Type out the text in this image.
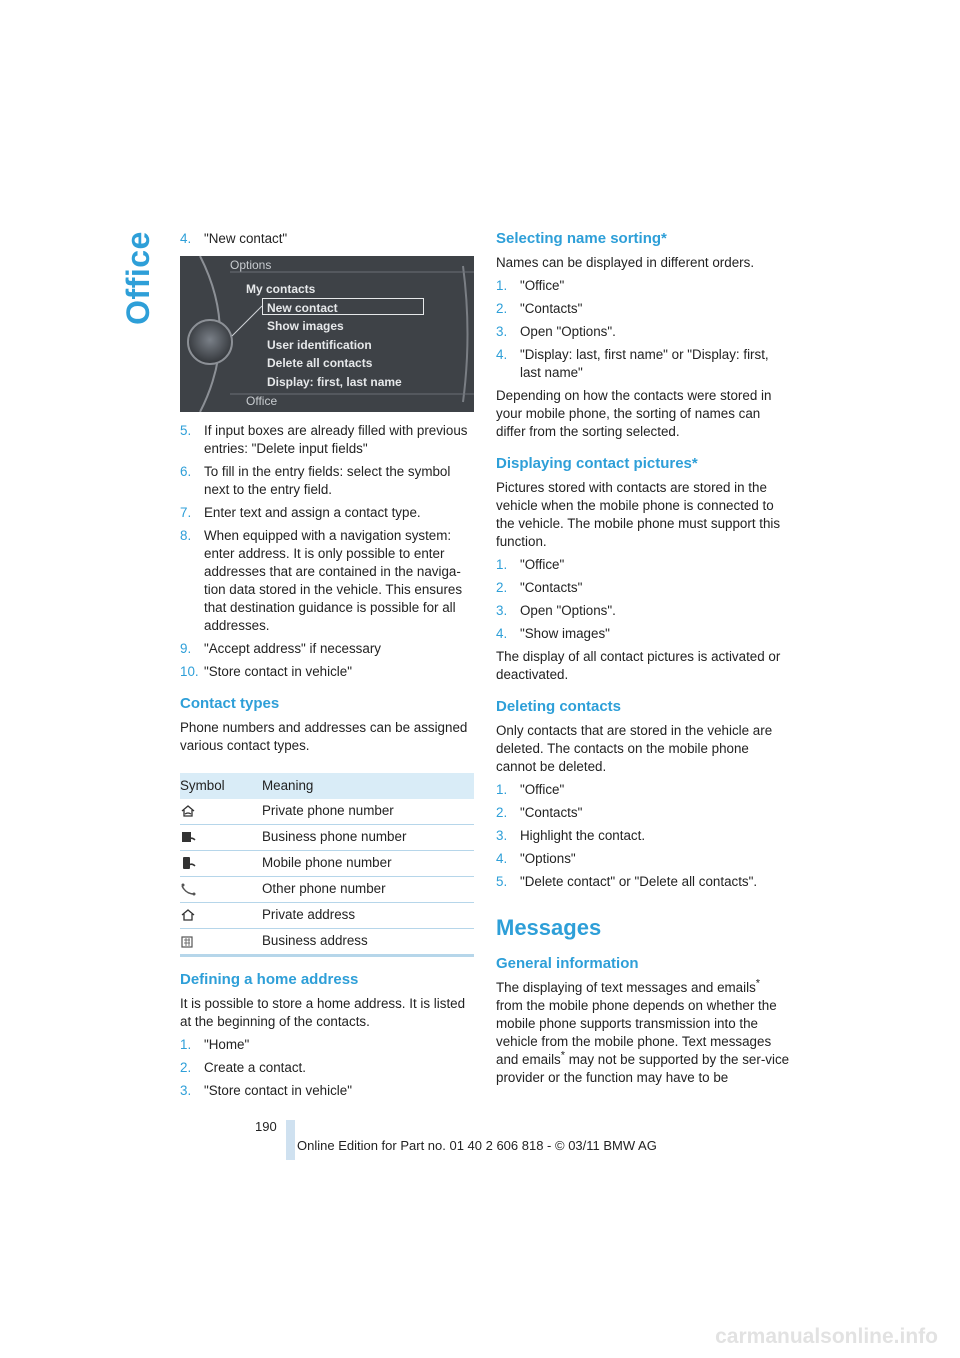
Office 4. "New contact"
Options
My contacts
New contact
Show images
User identification
Delete all contacts
Display: first, last name
Office
5. If input boxes are already filled with previous entries: "Delete input fields"
6. To fill in the entry fields: select the symbol next to the entry field.
7. Enter text and assign a contact type.
8. When equipped with a navigation system: enter address. It is only possible to enter addresses that are contained in the naviga-tion data stored in the vehicle. This ensures that destination guidance is possible for all addresses.
9. "Accept address" if necessary
10. "Store contact in vehicle"
Contact types

Phone numbers and addresses can be assigned various contact types.

Symbol	Meaning
	Private phone number
	Business phone number
	Mobile phone number
	Other phone number
	Private address
	Business address
Defining a home address

It is possible to store a home address. It is listed at the beginning of the contacts.

1. "Home"
2. Create a contact.
3. "Store contact in vehicle"
Selecting name sorting*

Names can be displayed in different orders.

1. "Office"
2. "Contacts"
3. Open "Options".
4. "Display: last, first name" or "Display: first, last name"

Depending on how the contacts were stored in your mobile phone, the sorting of names can differ from the sorting selected.

Displaying contact pictures*

Pictures stored with contacts are stored in the vehicle when the mobile phone is connected to the vehicle. The mobile phone must support this function.

1. "Office"
2. "Contacts"
3. Open "Options".
4. "Show images"

The display of all contact pictures is activated or deactivated.

Deleting contacts

Only contacts that are stored in the vehicle are deleted. The contacts on the mobile phone cannot be deleted.

1. "Office"
2. "Contacts"
3. Highlight the contact.
4. "Options"
5. "Delete contact" or "Delete all contacts".
Messages
General information

The displaying of text messages and emails* from the mobile phone depends on whether the mobile phone supports transmission into the vehicle from the mobile phone. Text messages and emails* may not be supported by the ser-vice provider or the function may have to be

190
Online Edition for Part no. 01 40 2 606 818 - © 03/11 BMW AG
carmanualsonline.info
